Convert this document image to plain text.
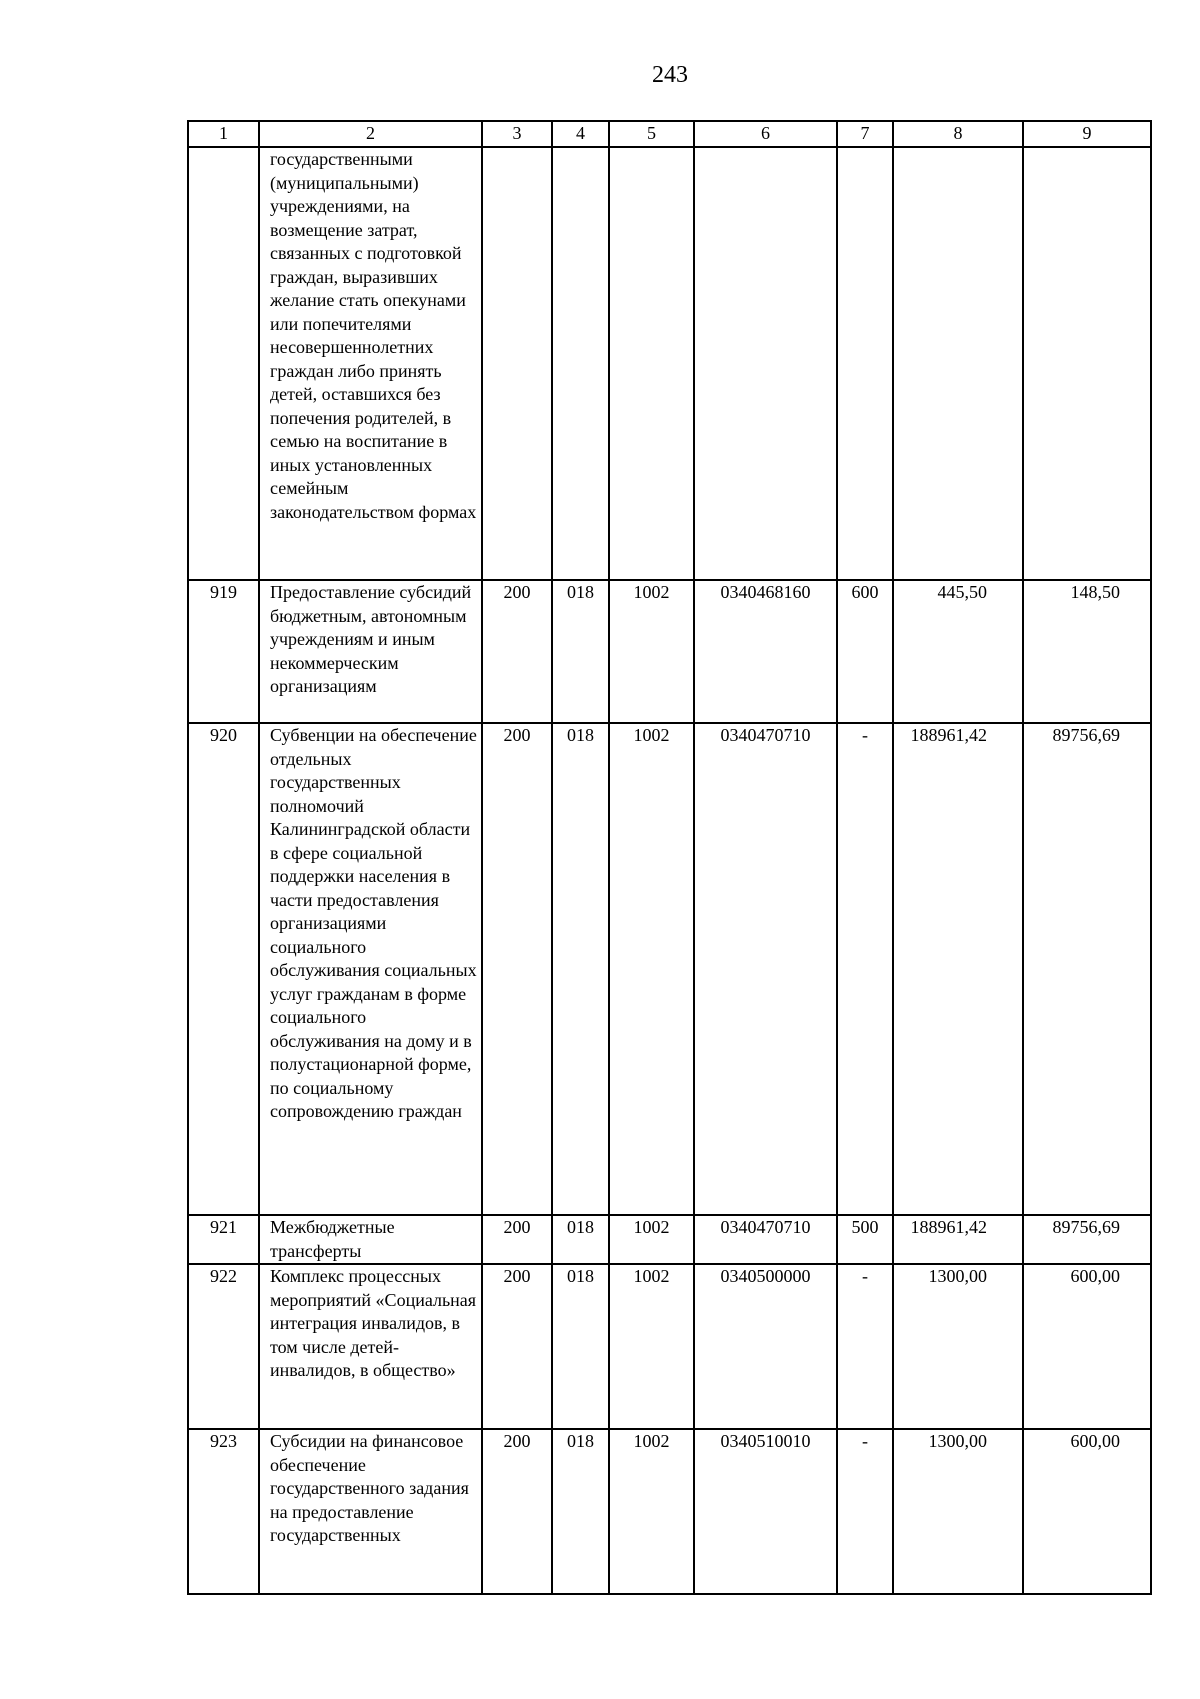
243
1	2	3	4	5	6	7	8	9
	государственными (муниципальными) учреждениями, на возмещение затрат, связанных с подготовкой граждан, выразивших желание стать опекунами или попечителями несовершеннолетних граждан либо принять детей, оставшихся без попечения родителей, в семью на воспитание в иных установленных семейным законодательством формах							
919	Предоставление субсидий бюджетным, автономным учреждениям и иным некоммерческим организациям	200	018	1002	0340468160	600	445,50	148,50
920	Субвенции на обеспечение отдельных государственных полномочий Калининградской области в сфере социальной поддержки населения в части предоставления организациями социального обслуживания социальных услуг гражданам в форме социального обслуживания на дому и в полустационарной форме, по социальному сопровождению граждан	200	018	1002	0340470710	-	188961,42	89756,69
921	Межбюджетные трансферты	200	018	1002	0340470710	500	188961,42	89756,69
922	Комплекс процессных мероприятий «Социальная интеграция инвалидов, в том числе детей-инвалидов, в общество»	200	018	1002	0340500000	-	1300,00	600,00
923	Субсидии на финансовое обеспечение государственного задания на предоставление государственных	200	018	1002	0340510010	-	1300,00	600,00
